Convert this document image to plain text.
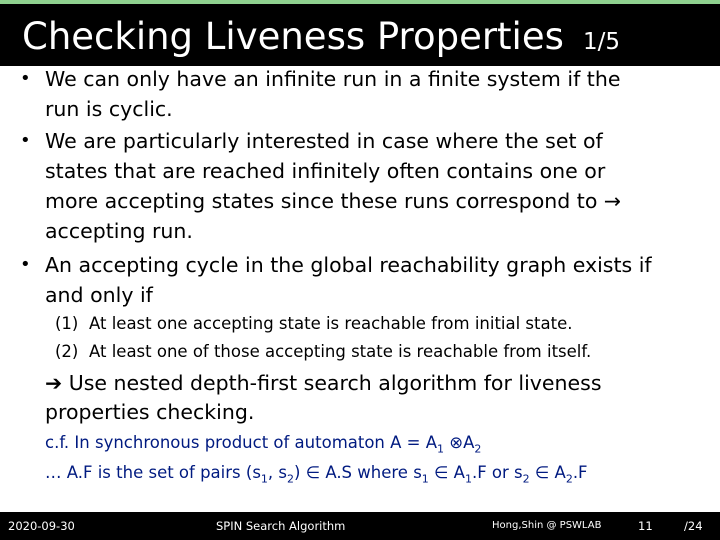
Checking Liveness Properties 1/5
• We can only have an infinite run in a finite system if the
run is cyclic.
• We are particularly interested in case where the set of
states that are reached infinitely often contains one or
more accepting states since these runs correspond to →
accepting run.
• An accepting cycle in the global reachability graph exists if
and only if
(1) At least one accepting state is reachable from initial state.
(2) At least one of those accepting state is reachable from itself.
➔ Use nested depth-first search algorithm for liveness
properties checking.
c.f. In synchronous product of automaton $A = A_1$ $\otimes A_2$
… A.F is the set of pairs ($s_1$, $s_2$) ∈ A.S where $s_1$ ∈ $A_1.F$ or $s_2$ ∈ $A_2.F$
2020-09-30	SPIN Search Algorithm	Hong,Shin @ PSWLAB	11	/24
